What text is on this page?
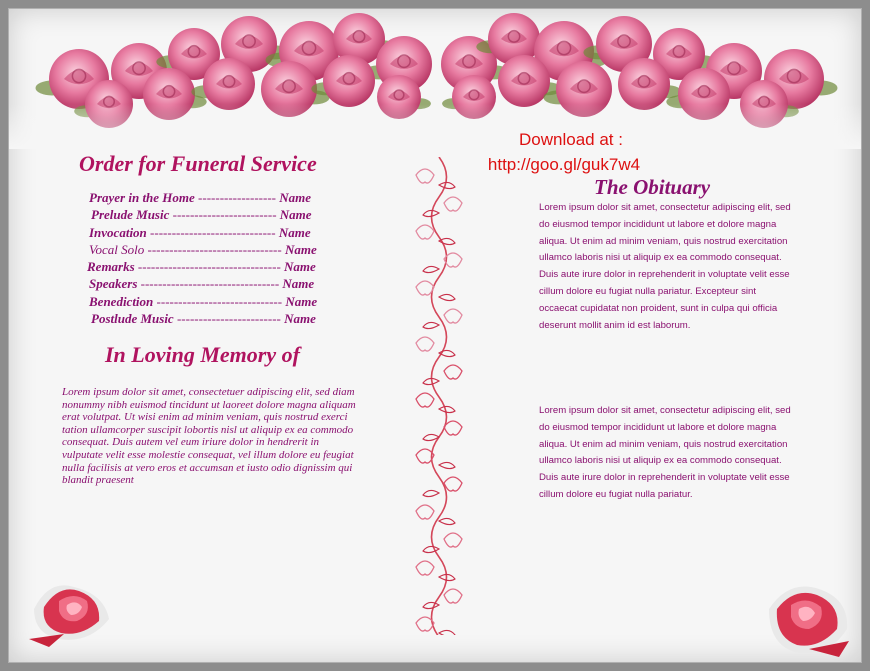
Order for Funeral Service
Prayer in the Home ------------------ Name
Prelude Music ------------------------ Name
Invocation ----------------------------- Name
Vocal Solo ------------------------------- Name
Remarks --------------------------------- Name
Speakers -------------------------------- Name
Benediction ----------------------------- Name
Postlude Music ------------------------ Name
In Loving Memory of
Lorem ipsum dolor sit amet, consectetuer adipiscing elit, sed diam nonummy nibh euismod tincidunt ut laoreet dolore magna aliquam erat volutpat. Ut wisi enim ad minim veniam, quis nostrud exerci tation ullamcorper suscipit lobortis nisl ut aliquip ex ea commodo consequat. Duis autem vel eum iriure dolor in hendrerit in vulputate velit esse molestie consequat, vel illum dolore eu feugiat nulla facilisis at vero eros et accumsan et iusto odio dignissim qui blandit praesent
Download at :
http://goo.gl/guk7w4
The Obituary
Lorem ipsum dolor sit amet, consectetur adipiscing elit, sed do eiusmod tempor incididunt ut labore et dolore magna aliqua. Ut enim ad minim veniam, quis nostrud exercitation ullamco laboris nisi ut aliquip ex ea commodo consequat. Duis aute irure dolor in reprehenderit in voluptate velit esse cillum dolore eu fugiat nulla pariatur. Excepteur sint occaecat cupidatat non proident, sunt in culpa qui officia deserunt mollit anim id est laborum.
Lorem ipsum dolor sit amet, consectetur adipiscing elit, sed do eiusmod tempor incididunt ut labore et dolore magna aliqua. Ut enim ad minim veniam, quis nostrud exercitation ullamco laboris nisi ut aliquip ex ea commodo consequat. Duis aute irure dolor in reprehenderit in voluptate velit esse cillum dolore eu fugiat nulla pariatur.
